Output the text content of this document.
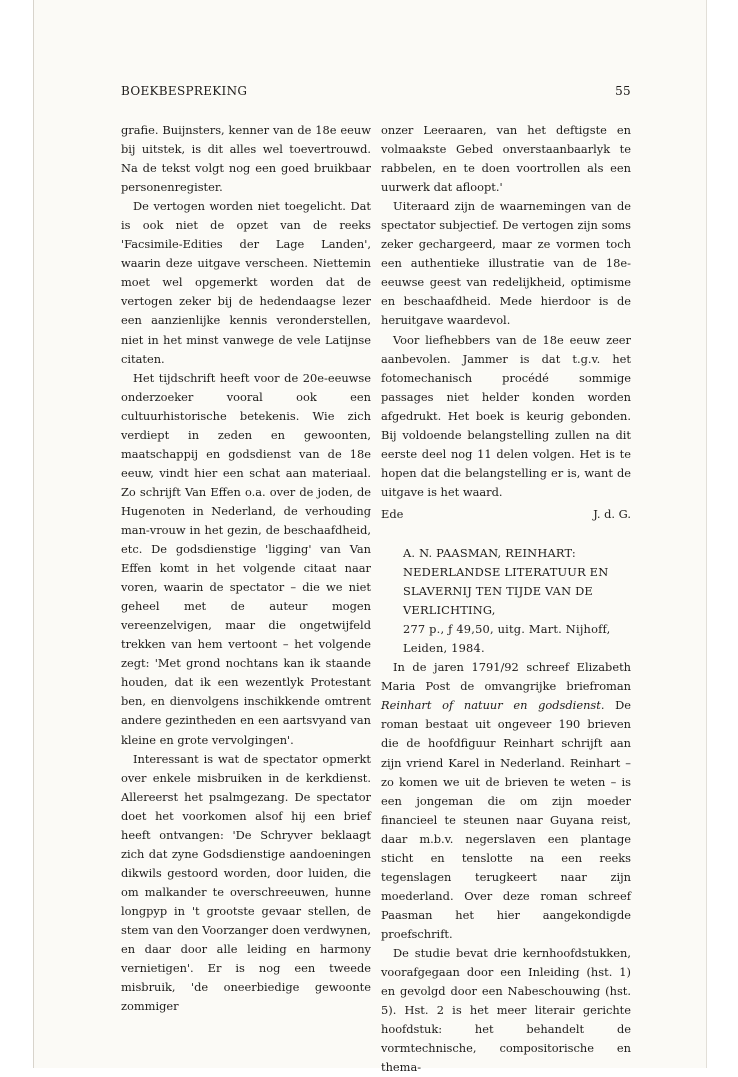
BOEKBESPREKING	55

grafie. Buijnsters, kenner van de 18e eeuw bij uitstek, is dit alles wel toevertrouwd. Na de tekst volgt nog een goed bruikbaar personenregister.

De vertogen worden niet toegelicht. Dat is ook niet de opzet van de reeks 'Facsimile-Edities der Lage Landen', waarin deze uitgave verscheen. Niettemin moet wel opgemerkt worden dat de vertogen zeker bij de hedendaagse lezer een aanzienlijke kennis veronderstellen, niet in het minst vanwege de vele Latijnse citaten.

Het tijdschrift heeft voor de 20e-eeuwse onderzoeker vooral ook een cultuurhistorische betekenis. Wie zich verdiept in zeden en gewoonten, maatschappij en godsdienst van de 18e eeuw, vindt hier een schat aan materiaal. Zo schrijft Van Effen o.a. over de joden, de Hugenoten in Nederland, de verhouding man-vrouw in het gezin, de beschaafdheid, etc. De godsdienstige 'ligging' van Van Effen komt in het volgende citaat naar voren, waarin de spectator – die we niet geheel met de auteur mogen vereenzelvigen, maar die ongetwijfeld trekken van hem vertoont – het volgende zegt: 'Met grond nochtans kan ik staande houden, dat ik een wezentlyk Protestant ben, en dienvolgens inschikkende omtrent andere gezintheden en een aartsvyand van kleine en grote vervolgingen'.

Interessant is wat de spectator opmerkt over enkele misbruiken in de kerkdienst. Allereerst het psalmgezang. De spectator doet het voorkomen alsof hij een brief heeft ontvangen: 'De Schryver beklaagt zich dat zyne Godsdienstige aandoeningen dikwils gestoord worden, door luiden, die om malkander te overschreeuwen, hunne longpyp in 't grootste gevaar stellen, de stem van den Voorzanger doen verdwynen, en daar door alle leiding en harmony vernietigen'. Er is nog een tweede misbruik, 'de oneerbiedige gewoonte zommiger

onzer Leeraaren, van het deftigste en volmaakste Gebed onverstaanbaarlyk te rabbelen, en te doen voortrollen als een uurwerk dat afloopt.'

Uiteraard zijn de waarnemingen van de spectator subjectief. De vertogen zijn soms zeker gechargeerd, maar ze vormen toch een authentieke illustratie van de 18e-eeuwse geest van redelijkheid, optimisme en beschaafdheid. Mede hierdoor is de heruitgave waardevol.

Voor liefhebbers van de 18e eeuw zeer aanbevolen. Jammer is dat t.g.v. het fotomechanisch procédé sommige passages niet helder konden worden afgedrukt. Het boek is keurig gebonden. Bij voldoende belangstelling zullen na dit eerste deel nog 11 delen volgen. Het is te hopen dat die belangstelling er is, want de uitgave is het waard.

Ede	J. d. G.

A. N. PAASMAN, REINHART: NEDERLANDSE LITERATUUR EN SLAVERNIJ TEN TIJDE VAN DE VERLICHTING,

277 p., ƒ 49,50, uitg. Mart. Nijhoff, Leiden, 1984.

In de jaren 1791/92 schreef Elizabeth Maria Post de omvangrijke briefroman Reinhart of natuur en godsdienst. De roman bestaat uit ongeveer 190 brieven die de hoofdfiguur Reinhart schrijft aan zijn vriend Karel in Nederland. Reinhart – zo komen we uit de brieven te weten – is een jongeman die om zijn moeder financieel te steunen naar Guyana reist, daar m.b.v. negerslaven een plantage sticht en tenslotte na een reeks tegenslagen terugkeert naar zijn moederland. Over deze roman schreef Paasman het hier aangekondigde proefschrift.

De studie bevat drie kernhoofdstukken, voorafgegaan door een Inleiding (hst. 1) en gevolgd door een Nabeschouwing (hst. 5). Hst. 2 is het meer literair gerichte hoofdstuk: het behandelt de vormtechnische, compositorische en thema-
